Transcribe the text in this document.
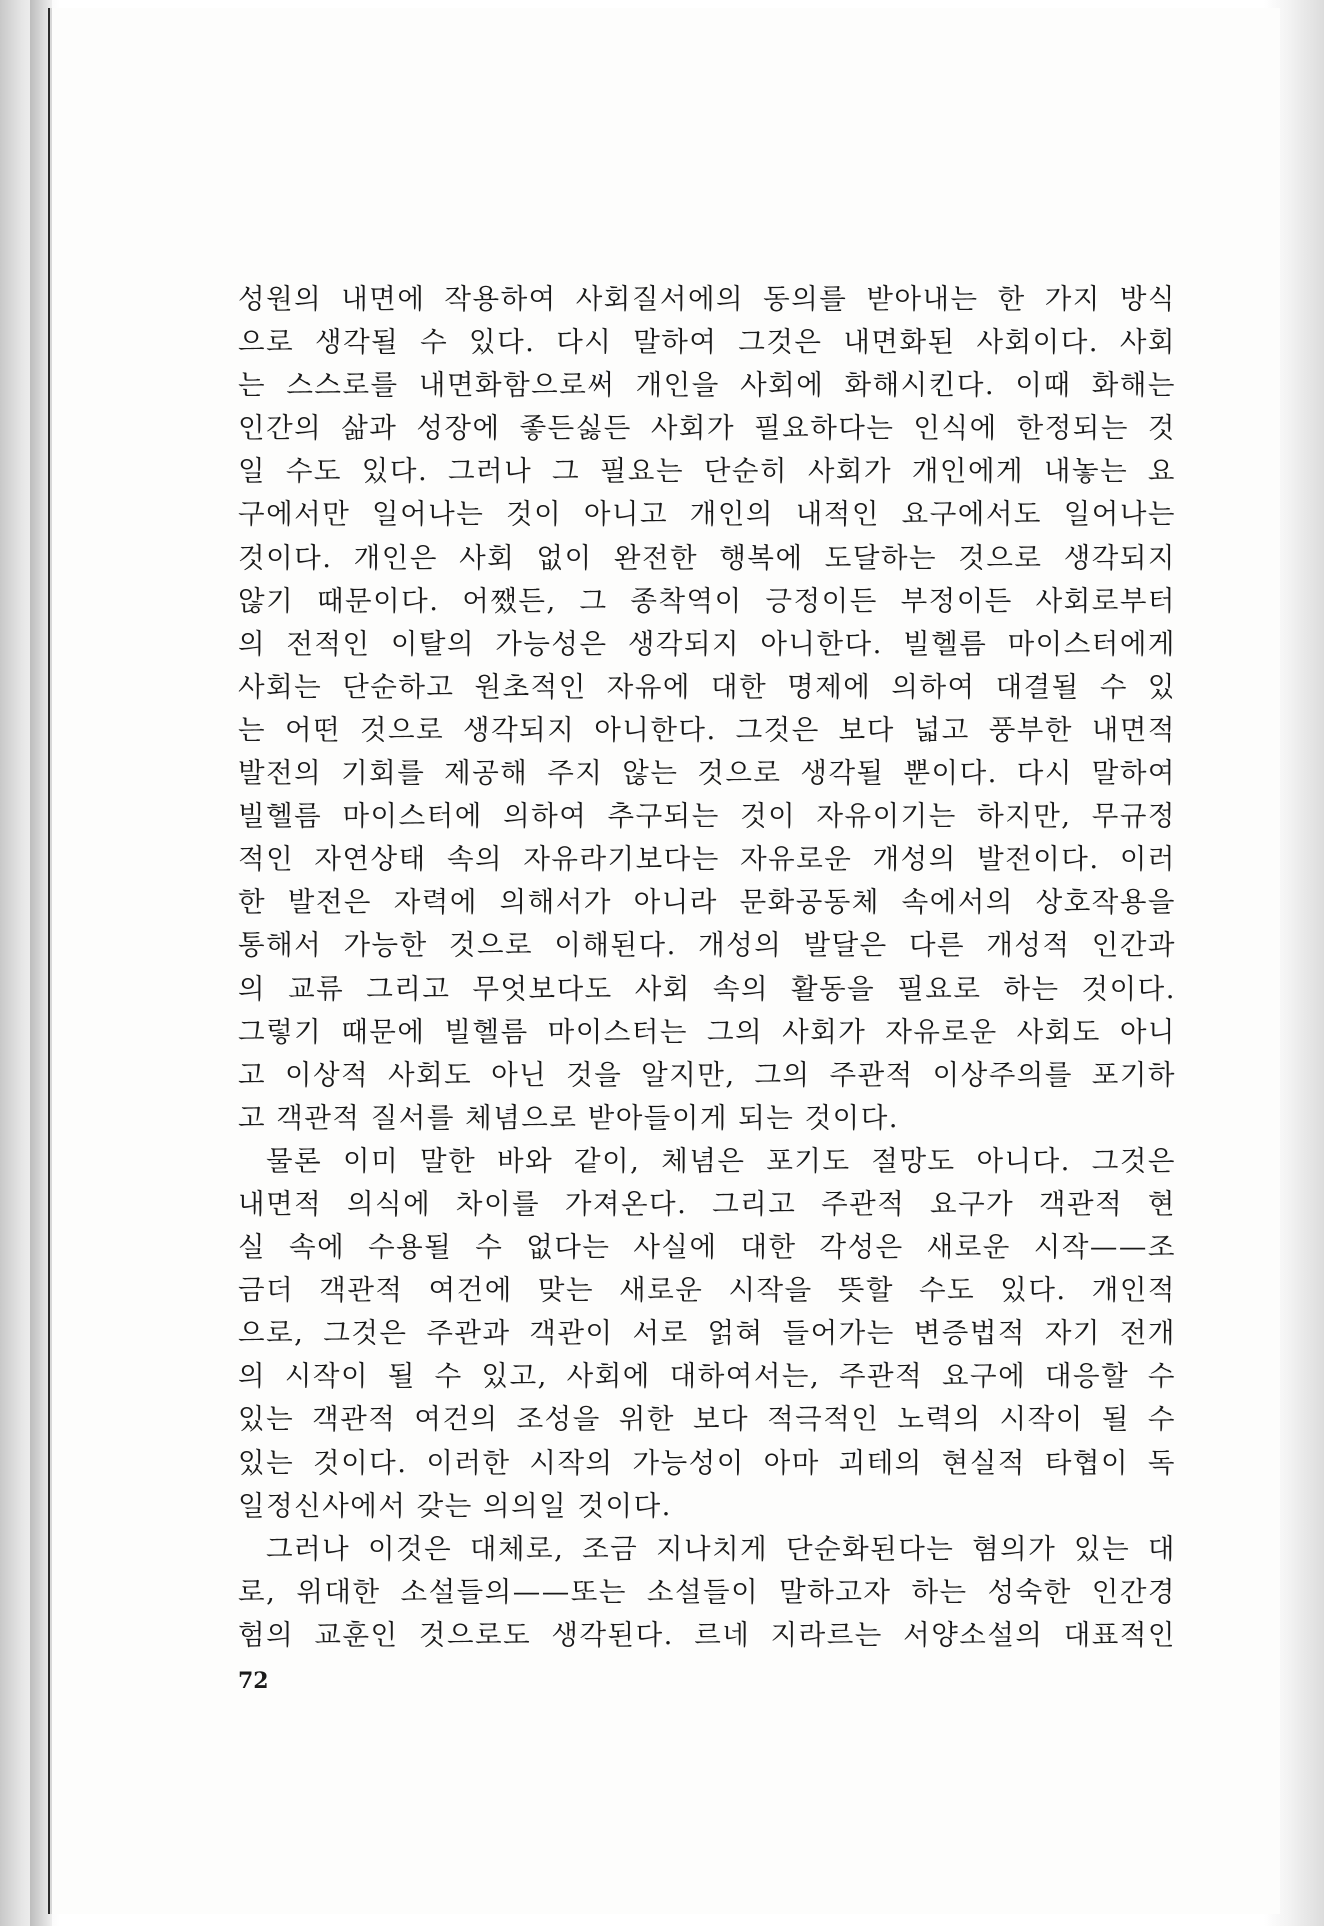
성원의 내면에 작용하여 사회질서에의 동의를 받아내는 한 가지 방식
으로 생각될 수 있다. 다시 말하여 그것은 내면화된 사회이다. 사회
는 스스로를 내면화함으로써 개인을 사회에 화해시킨다. 이때 화해는
인간의 삶과 성장에 좋든싫든 사회가 필요하다는 인식에 한정되는 것
일 수도 있다. 그러나 그 필요는 단순히 사회가 개인에게 내놓는 요
구에서만 일어나는 것이 아니고 개인의 내적인 요구에서도 일어나는
것이다. 개인은 사회 없이 완전한 행복에 도달하는 것으로 생각되지
않기 때문이다. 어쨌든, 그 종착역이 긍정이든 부정이든 사회로부터
의 전적인 이탈의 가능성은 생각되지 아니한다. 빌헬름 마이스터에게
사회는 단순하고 원초적인 자유에 대한 명제에 의하여 대결될 수 있
는 어떤 것으로 생각되지 아니한다. 그것은 보다 넓고 풍부한 내면적
발전의 기회를 제공해 주지 않는 것으로 생각될 뿐이다. 다시 말하여
빌헬름 마이스터에 의하여 추구되는 것이 자유이기는 하지만, 무규정
적인 자연상태 속의 자유라기보다는 자유로운 개성의 발전이다. 이러
한 발전은 자력에 의해서가 아니라 문화공동체 속에서의 상호작용을
통해서 가능한 것으로 이해된다. 개성의 발달은 다른 개성적 인간과
의 교류 그리고 무엇보다도 사회 속의 활동을 필요로 하는 것이다.
그렇기 때문에 빌헬름 마이스터는 그의 사회가 자유로운 사회도 아니
고 이상적 사회도 아닌 것을 알지만, 그의 주관적 이상주의를 포기하
고 객관적 질서를 체념으로 받아들이게 되는 것이다.
물론 이미 말한 바와 같이, 체념은 포기도 절망도 아니다. 그것은
내면적 의식에 차이를 가져온다. 그리고 주관적 요구가 객관적 현
실 속에 수용될 수 없다는 사실에 대한 각성은 새로운 시작——조
금더 객관적 여건에 맞는 새로운 시작을 뜻할 수도 있다. 개인적
으로, 그것은 주관과 객관이 서로 얽혀 들어가는 변증법적 자기 전개
의 시작이 될 수 있고, 사회에 대하여서는, 주관적 요구에 대응할 수
있는 객관적 여건의 조성을 위한 보다 적극적인 노력의 시작이 될 수
있는 것이다. 이러한 시작의 가능성이 아마 괴테의 현실적 타협이 독
일정신사에서 갖는 의의일 것이다.
그러나 이것은 대체로, 조금 지나치게 단순화된다는 혐의가 있는 대
로, 위대한 소설들의——또는 소설들이 말하고자 하는 성숙한 인간경
험의 교훈인 것으로도 생각된다. 르네 지라르는 서양소설의 대표적인
72
